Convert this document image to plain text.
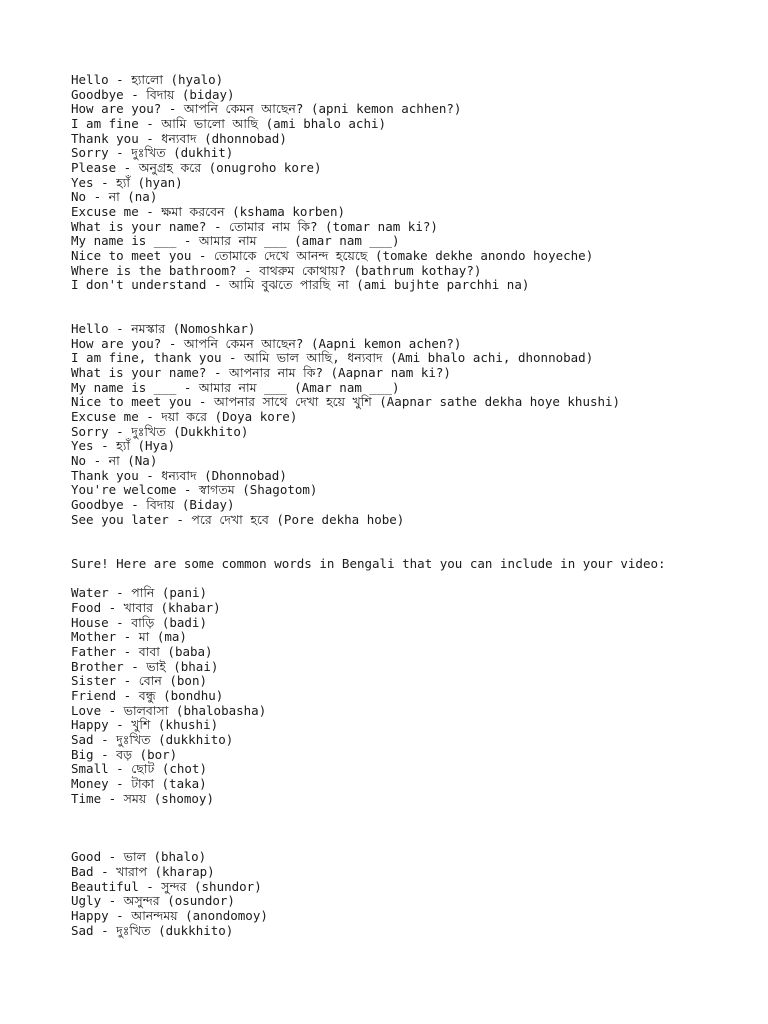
Hello - হ্যালো (hyalo)
Goodbye - বিদায় (biday)
How are you? - আপনি কেমন আছেন? (apni kemon achhen?)
I am fine - আমি ভালো আছি (ami bhalo achi)
Thank you - ধন্যবাদ (dhonnobad)
Sorry - দুঃখিত (dukhit)
Please - অনুগ্রহ করে (onugroho kore)
Yes - হ্যাঁ (hyan)
No - না (na)
Excuse me - ক্ষমা করবেন (kshama korben)
What is your name? - তোমার নাম কি? (tomar nam ki?)
My name is ___ - আমার নাম ___ (amar nam ___)
Nice to meet you - তোমাকে দেখে আনন্দ হয়েছে (tomake dekhe anondo hoyeche)
Where is the bathroom? - বাথরুম কোথায়? (bathrum kothay?)
I don't understand - আমি বুঝতে পারছি না (ami bujhte parchhi na)
Hello - নমস্কার (Nomoshkar)
How are you? - আপনি কেমন আছেন? (Aapni kemon achen?)
I am fine, thank you - আমি ভাল আছি, ধন্যবাদ (Ami bhalo achi, dhonnobad)
What is your name? - আপনার নাম কি? (Aapnar nam ki?)
My name is ___ - আমার নাম ___ (Amar nam ___)
Nice to meet you - আপনার সাথে দেখা হয়ে খুশি (Aapnar sathe dekha hoye khushi)
Excuse me - দয়া করে (Doya kore)
Sorry - দুঃখিত (Dukkhito)
Yes - হ্যাঁ (Hya)
No - না (Na)
Thank you - ধন্যবাদ (Dhonnobad)
You're welcome - স্বাগতম (Shagotom)
Goodbye - বিদায় (Biday)
See you later - পরে দেখা হবে (Pore dekha hobe)
Sure! Here are some common words in Bengali that you can include in your video:
Water - পানি (pani)
Food - খাবার (khabar)
House - বাড়ি (badi)
Mother - মা (ma)
Father - বাবা (baba)
Brother - ভাই (bhai)
Sister - বোন (bon)
Friend - বন্ধু (bondhu)
Love - ভালবাসা (bhalobasha)
Happy - খুশি (khushi)
Sad - দুঃখিত (dukkhito)
Big - বড় (bor)
Small - ছোট (chot)
Money - টাকা (taka)
Time - সময় (shomoy)
Good - ভাল (bhalo)
Bad - খারাপ (kharap)
Beautiful - সুন্দর (shundor)
Ugly - অসুন্দর (osundor)
Happy - আনন্দময় (anondomoy)
Sad - দুঃখিত (dukkhito)
